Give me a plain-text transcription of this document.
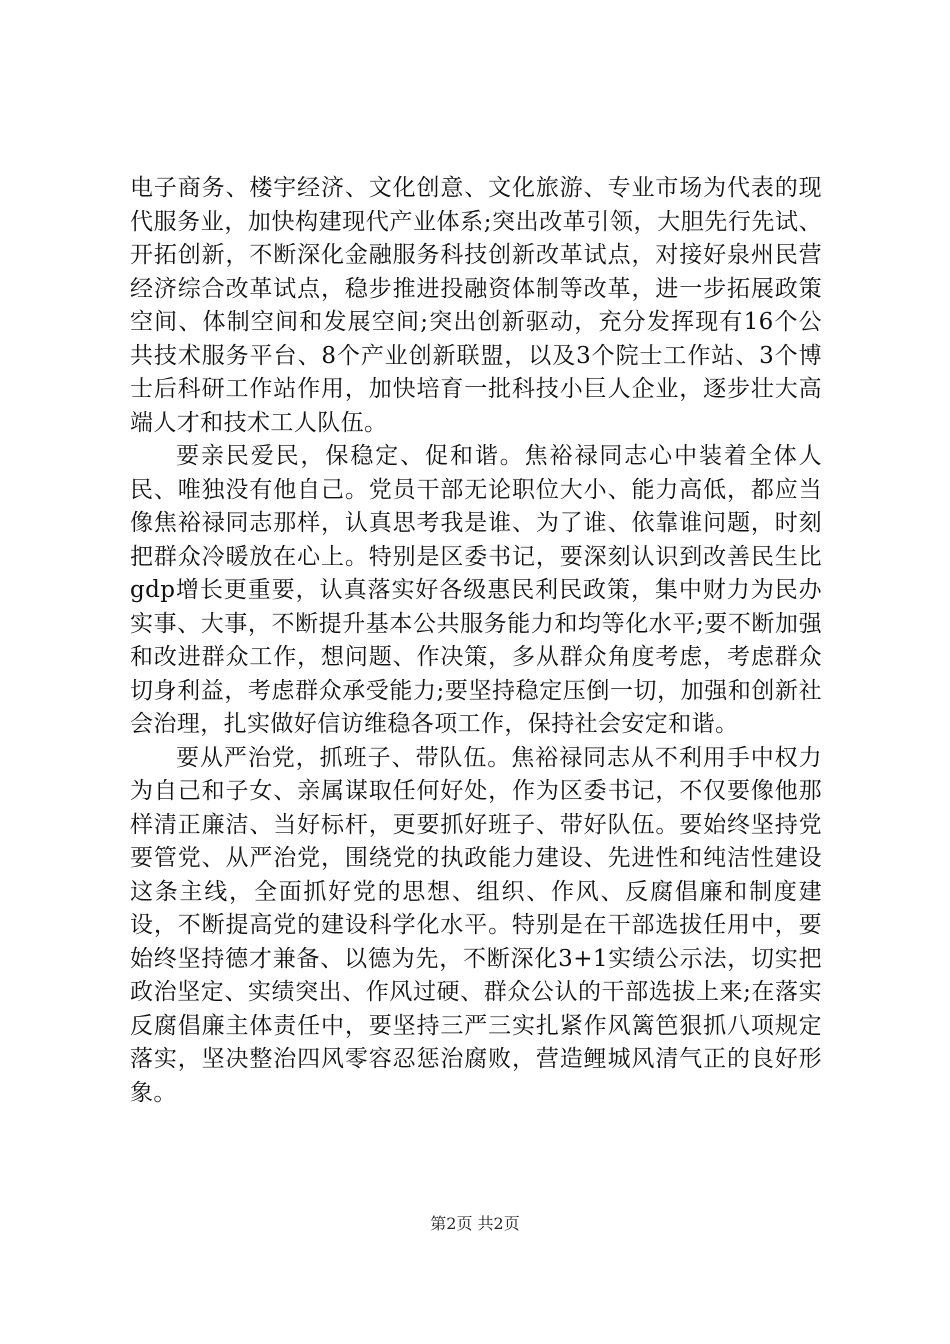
电子商务、楼宇经济、文化创意、文化旅游、专业市场为代表的现代服务业，加快构建现代产业体系;突出改革引领，大胆先行先试、开拓创新，不断深化金融服务科技创新改革试点，对接好泉州民营经济综合改革试点，稳步推进投融资体制等改革，进一步拓展政策空间、体制空间和发展空间;突出创新驱动，充分发挥现有16个公共技术服务平台、8个产业创新联盟，以及3个院士工作站、3个博士后科研工作站作用，加快培育一批科技小巨人企业，逐步壮大高端人才和技术工人队伍。

要亲民爱民，保稳定、促和谐。焦裕禄同志心中装着全体人民、唯独没有他自己。党员干部无论职位大小、能力高低，都应当像焦裕禄同志那样，认真思考我是谁、为了谁、依靠谁问题，时刻把群众冷暖放在心上。特别是区委书记，要深刻认识到改善民生比gdp增长更重要，认真落实好各级惠民利民政策，集中财力为民办实事、大事，不断提升基本公共服务能力和均等化水平;要不断加强和改进群众工作，想问题、作决策，多从群众角度考虑，考虑群众切身利益，考虑群众承受能力;要坚持稳定压倒一切，加强和创新社会治理，扎实做好信访维稳各项工作，保持社会安定和谐。

要从严治党，抓班子、带队伍。焦裕禄同志从不利用手中权力为自己和子女、亲属谋取任何好处，作为区委书记，不仅要像他那样清正廉洁、当好标杆，更要抓好班子、带好队伍。要始终坚持党要管党、从严治党，围绕党的执政能力建设、先进性和纯洁性建设这条主线，全面抓好党的思想、组织、作风、反腐倡廉和制度建设，不断提高党的建设科学化水平。特别是在干部选拔任用中，要始终坚持德才兼备、以德为先，不断深化3+1实绩公示法，切实把政治坚定、实绩突出、作风过硬、群众公认的干部选拔上来;在落实反腐倡廉主体责任中，要坚持三严三实扎紧作风篱笆狠抓八项规定落实，坚决整治四风零容忍惩治腐败，营造鲤城风清气正的良好形象。

第2页 共2页
